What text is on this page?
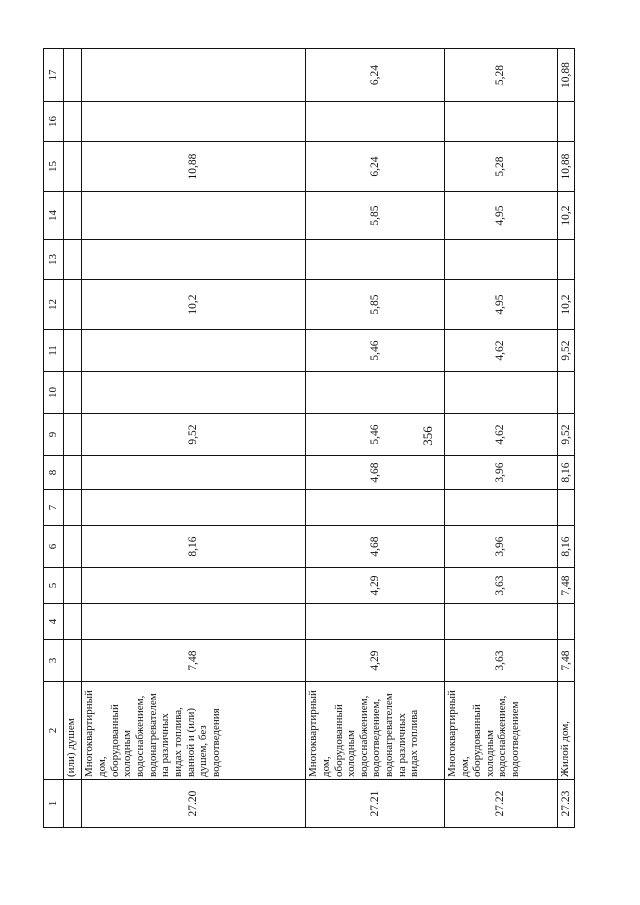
356
1	2	3	4	5	6	7	8	9	10	11	12	13	14	15	16	17
	(или) душем															
27.20	Многоквартирный дом, оборудованный холодным водоснабжением, водонагревателем на различных видах топлива, ванной и (или) душем, без водоотведения	7,48			8,16			9,52			10,2			10,88		
27.21	Многоквартирный дом, оборудованный холодным водоснабжением, водоотведением, водонагревателем на различных видах топлива	4,29		4,29	4,68		4,68	5,46		5,46	5,85		5,85	6,24		6,24
27.22	Многоквартирный дом, оборудованный холодным водоснабжением, водоотведением	3,63		3,63	3,96		3,96	4,62		4,62	4,95		4,95	5,28		5,28
27.23	Жилой дом,	7,48		7,48	8,16		8,16	9,52		9,52	10,2		10,2	10,88		10,88
